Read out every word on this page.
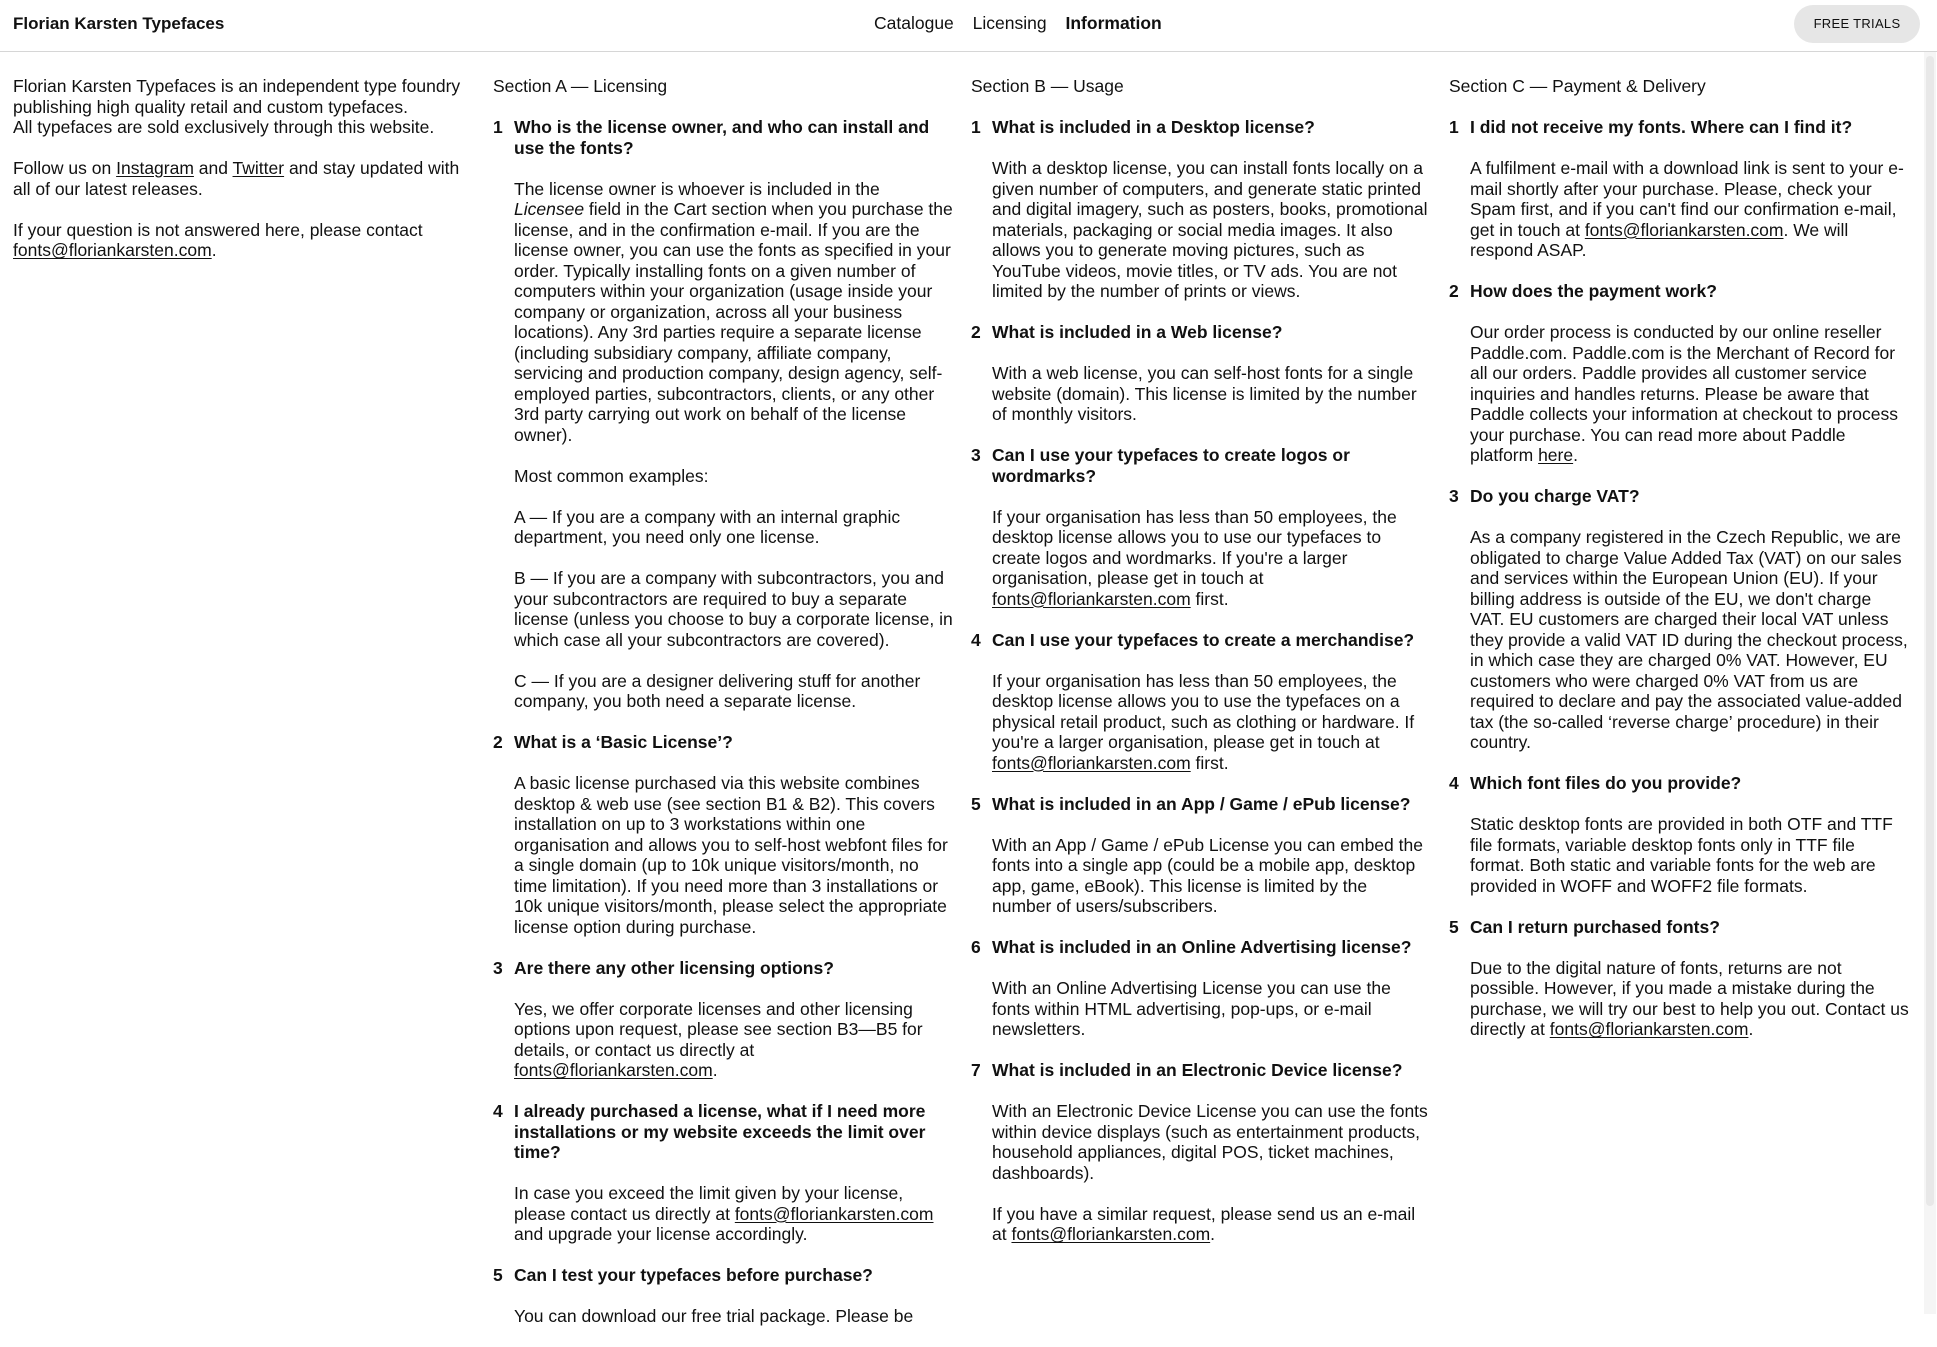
Florian Karsten Typefaces	Catalogue Licensing Information	FREE TRIALS

Florian Karsten Typefaces is an independent type foundry publishing high quality retail and custom typefaces.
All typefaces are sold exclusively through this website.

Follow us on Instagram and Twitter and stay updated with all of our latest releases.

If your question is not answered here, please contact fonts@floriankarsten.com.

Section A — Licensing
1 Who is the license owner, and who can install and use the fonts?

The license owner is whoever is included in the Licensee field in the Cart section when you purchase the license, and in the confirmation e-mail. If you are the license owner, you can use the fonts as specified in your order. Typically installing fonts on a given number of computers within your organization (usage inside your company or organization, across all your business locations). Any 3rd parties require a separate license (including subsidiary company, affiliate company, servicing and production company, design agency, self-employed parties, subcontractors, clients, or any other 3rd party carrying out work on behalf of the license owner).

Most common examples:

A — If you are a company with an internal graphic department, you need only one license.

B — If you are a company with subcontractors, you and your subcontractors are required to buy a separate license (unless you choose to buy a corporate license, in which case all your subcontractors are covered).

C — If you are a designer delivering stuff for another company, you both need a separate license.

2 What is a ‘Basic License’?

A basic license purchased via this website combines desktop & web use (see section B1 & B2). This covers installation on up to 3 workstations within one organisation and allows you to self-host webfont files for a single domain (up to 10k unique visitors/month, no time limitation). If you need more than 3 installations or 10k unique visitors/month, please select the appropriate license option during purchase.

3 Are there any other licensing options?

Yes, we offer corporate licenses and other licensing options upon request, please see section B3—B5 for details, or contact us directly at fonts@floriankarsten.com.

4 I already purchased a license, what if I need more installations or my website exceeds the limit over time?

In case you exceed the limit given by your license, please contact us directly at fonts@floriankarsten.com and upgrade your license accordingly.

5 Can I test your typefaces before purchase?

You can download our free trial package. Please be

Section B — Usage
1 What is included in a Desktop license?

With a desktop license, you can install fonts locally on a given number of computers, and generate static printed and digital imagery, such as posters, books, promotional materials, packaging or social media images. It also allows you to generate moving pictures, such as YouTube videos, movie titles, or TV ads. You are not limited by the number of prints or views.

2 What is included in a Web license?

With a web license, you can self-host fonts for a single website (domain). This license is limited by the number of monthly visitors.

3 Can I use your typefaces to create logos or wordmarks?

If your organisation has less than 50 employees, the desktop license allows you to use our typefaces to create logos and wordmarks. If you're a larger organisation, please get in touch at fonts@floriankarsten.com first.

4 Can I use your typefaces to create a merchandise?

If your organisation has less than 50 employees, the desktop license allows you to use the typefaces on a physical retail product, such as clothing or hardware. If you're a larger organisation, please get in touch at fonts@floriankarsten.com first.

5 What is included in an App / Game / ePub license?

With an App / Game / ePub License you can embed the fonts into a single app (could be a mobile app, desktop app, game, eBook). This license is limited by the number of users/subscribers.

6 What is included in an Online Advertising license?

With an Online Advertising License you can use the fonts within HTML advertising, pop-ups, or e-mail newsletters.

7 What is included in an Electronic Device license?

With an Electronic Device License you can use the fonts within device displays (such as entertainment products, household appliances, digital POS, ticket machines, dashboards).

If you have a similar request, please send us an e-mail at fonts@floriankarsten.com.

Section C — Payment & Delivery
1 I did not receive my fonts. Where can I find it?

A fulfilment e-mail with a download link is sent to your e-mail shortly after your purchase. Please, check your Spam first, and if you can't find our confirmation e-mail, get in touch at fonts@floriankarsten.com. We will respond ASAP.

2 How does the payment work?

Our order process is conducted by our online reseller Paddle.com. Paddle.com is the Merchant of Record for all our orders. Paddle provides all customer service inquiries and handles returns. Please be aware that Paddle collects your information at checkout to process your purchase. You can read more about Paddle platform here.

3 Do you charge VAT?

As a company registered in the Czech Republic, we are obligated to charge Value Added Tax (VAT) on our sales and services within the European Union (EU). If your billing address is outside of the EU, we don't charge VAT. EU customers are charged their local VAT unless they provide a valid VAT ID during the checkout process, in which case they are charged 0% VAT. However, EU customers who were charged 0% VAT from us are required to declare and pay the associated value-added tax (the so-called ‘reverse charge’ procedure) in their country.

4 Which font files do you provide?

Static desktop fonts are provided in both OTF and TTF file formats, variable desktop fonts only in TTF file format. Both static and variable fonts for the web are provided in WOFF and WOFF2 file formats.

5 Can I return purchased fonts?

Due to the digital nature of fonts, returns are not possible. However, if you made a mistake during the purchase, we will try our best to help you out. Contact us directly at fonts@floriankarsten.com.
